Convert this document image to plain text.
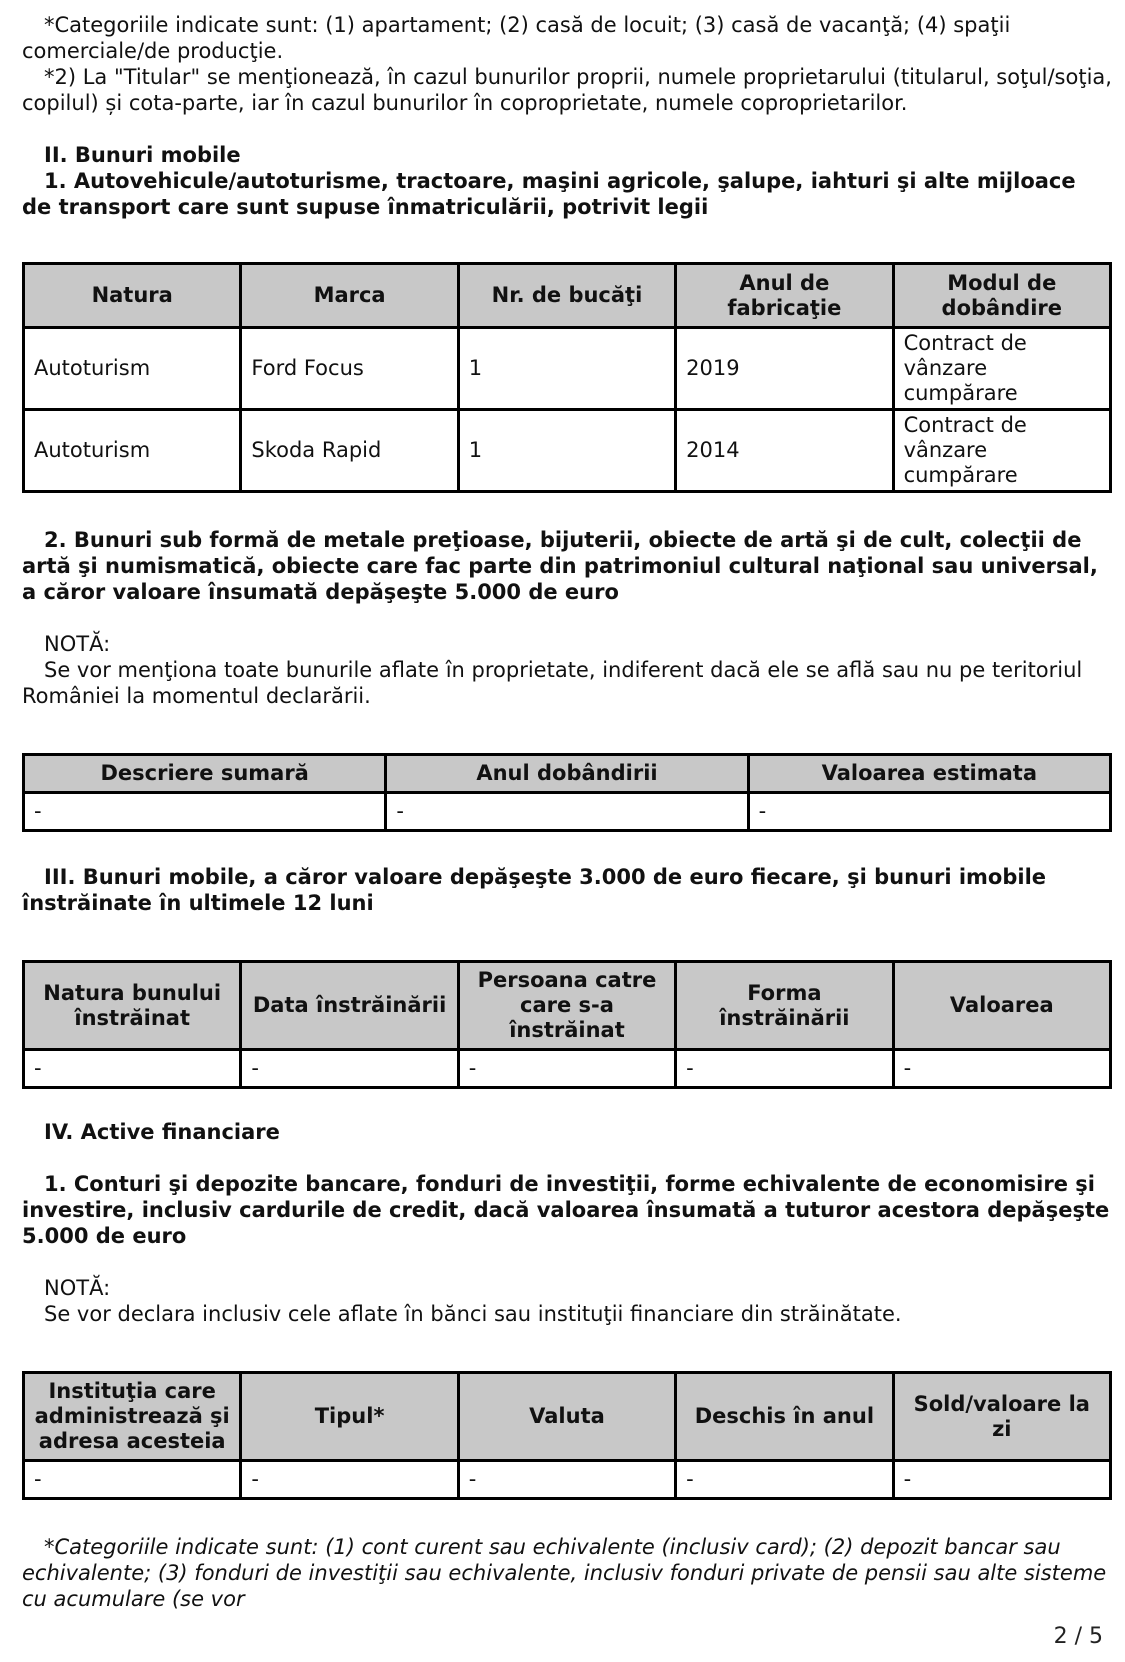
*Categoriile indicate sunt: (1) apartament; (2) casă de locuit; (3) casă de vacanţă; (4) spaţii comerciale/de producţie.

*2) La "Titular" se menţionează, în cazul bunurilor proprii, numele proprietarului (titularul, soţul/soţia, copilul) și cota-parte, iar în cazul bunurilor în coproprietate, numele coproprietarilor.

II. Bunuri mobile

1. Autovehicule/autoturisme, tractoare, maşini agricole, şalupe, iahturi şi alte mijloace de transport care sunt supuse înmatriculării, potrivit legii

Natura	Marca	Nr. de bucăţi	Anul de fabricaţie	Modul de dobândire
Autoturism	Ford Focus	1	2019	Contract de vânzare cumpărare
Autoturism	Skoda Rapid	1	2014	Contract de vânzare cumpărare

2. Bunuri sub formă de metale preţioase, bijuterii, obiecte de artă şi de cult, colecţii de artă şi numismatică, obiecte care fac parte din patrimoniul cultural naţional sau universal, a căror valoare însumată depăşeşte 5.000 de euro

NOTĂ:

Se vor menţiona toate bunurile aflate în proprietate, indiferent dacă ele se află sau nu pe teritoriul României la momentul declarării.

Descriere sumară	Anul dobândirii	Valoarea estimata
-	-	-

III. Bunuri mobile, a căror valoare depăşeşte 3.000 de euro fiecare, şi bunuri imobile înstrăinate în ultimele 12 luni

Natura bunului înstrăinat	Data înstrăinării	Persoana catre care s-a înstrăinat	Forma înstrăinării	Valoarea
-	-	-	-	-

IV. Active financiare

1. Conturi şi depozite bancare, fonduri de investiţii, forme echivalente de economisire şi investire, inclusiv cardurile de credit, dacă valoarea însumată a tuturor acestora depăşeşte 5.000 de euro

NOTĂ:

Se vor declara inclusiv cele aflate în bănci sau instituţii financiare din străinătate.

Instituţia care administrează şi adresa acesteia	Tipul*	Valuta	Deschis în anul	Sold/valoare la zi
-	-	-	-	-

*Categoriile indicate sunt: (1) cont curent sau echivalente (inclusiv card); (2) depozit bancar sau echivalente; (3) fonduri de investiţii sau echivalente, inclusiv fonduri private de pensii sau alte sisteme cu acumulare (se vor

2 / 5
